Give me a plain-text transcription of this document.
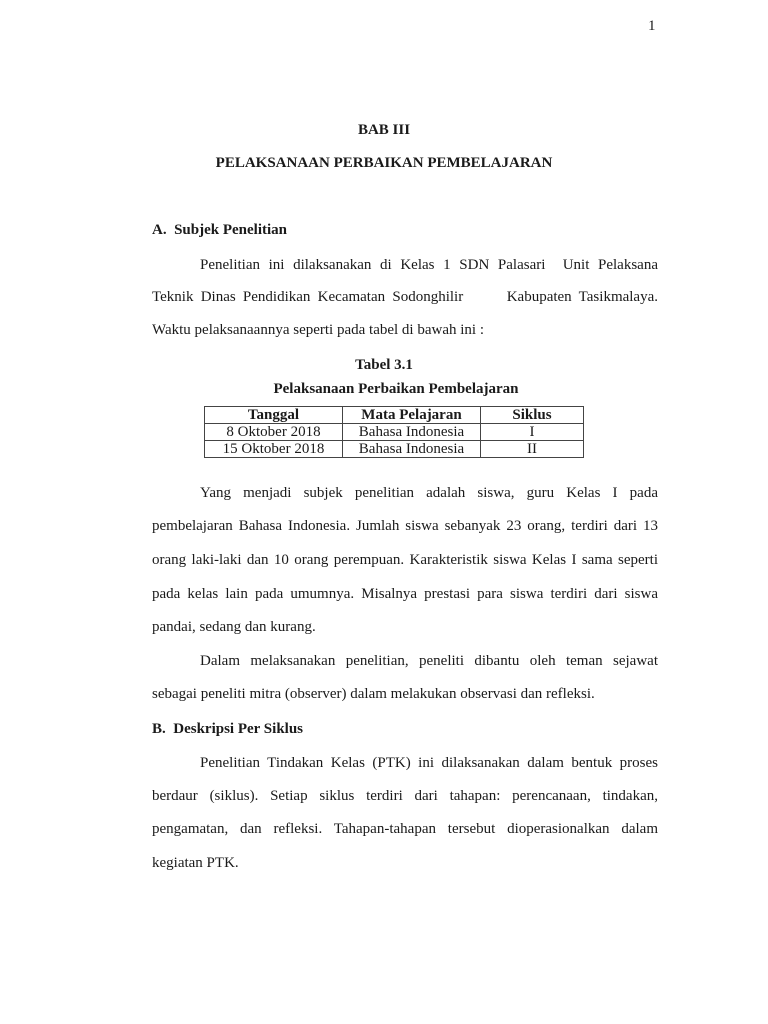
1
BAB III
PELAKSANAAN PERBAIKAN PEMBELAJARAN
A.  Subjek Penelitian
Penelitian ini dilaksanakan di Kelas 1 SDN Palasari  Unit Pelaksana
Teknik Dinas Pendidikan Kecamatan Sodonghilir      Kabupaten Tasikmalaya.
Waktu pelaksanaannya seperti pada tabel di bawah ini :
Tabel 3.1
Pelaksanaan Perbaikan Pembelajaran
Tanggal	Mata Pelajaran	Siklus
8 Oktober 2018	Bahasa Indonesia	I
15 Oktober 2018	Bahasa Indonesia	II
Yang menjadi subjek penelitian adalah siswa, guru Kelas I pada
pembelajaran Bahasa Indonesia. Jumlah siswa sebanyak 23 orang, terdiri dari 13
orang laki-laki dan 10 orang perempuan. Karakteristik siswa Kelas I sama seperti
pada kelas lain pada umumnya. Misalnya prestasi para siswa terdiri dari siswa
pandai, sedang dan kurang.
Dalam melaksanakan penelitian, peneliti dibantu oleh teman sejawat
sebagai peneliti mitra (observer) dalam melakukan observasi dan refleksi.
B.  Deskripsi Per Siklus
Penelitian Tindakan Kelas (PTK) ini dilaksanakan dalam bentuk proses
berdaur (siklus). Setiap siklus terdiri dari tahapan: perencanaan, tindakan,
pengamatan, dan refleksi. Tahapan-tahapan tersebut dioperasionalkan dalam
kegiatan PTK.
